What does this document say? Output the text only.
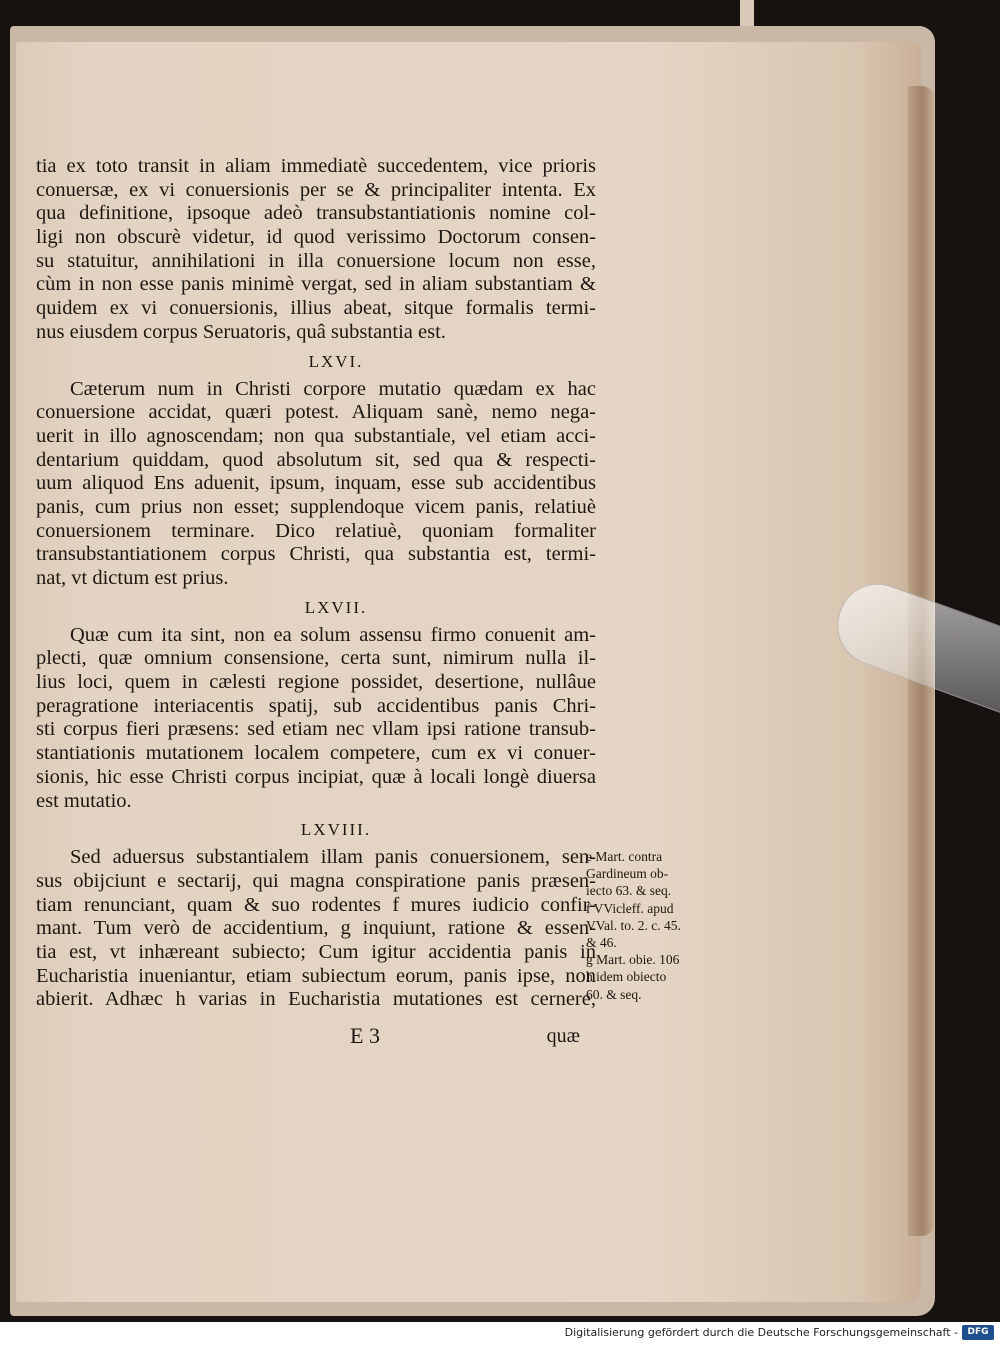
tia ex toto transit in aliam immediatè succedentem, vice prioris
conuersæ, ex vi conuersionis per se & principaliter intenta. Ex
qua definitione, ipsoque adeò transubstantiationis nomine col-
ligi non obscurè videtur, id quod verissimo Doctorum consen-
su statuitur, annihilationi in illa conuersione locum non esse,
cùm in non esse panis minimè vergat, sed in aliam substantiam &
quidem ex vi conuersionis, illius abeat, sitque formalis termi-
nus eiusdem corpus Seruatoris, quâ substantia est.
LXVI.
Cæterum num in Christi corpore mutatio quædam ex hac
conuersione accidat, quæri potest. Aliquam sanè, nemo nega-
uerit in illo agnoscendam; non qua substantiale, vel etiam acci-
dentarium quiddam, quod absolutum sit, sed qua & respecti-
uum aliquod Ens aduenit, ipsum, inquam, esse sub accidentibus
panis, cum prius non esset; supplendoque vicem panis, relatiuè
conuersionem terminare. Dico relatiuè, quoniam formaliter
transubstantiationem corpus Christi, qua substantia est, termi-
nat, vt dictum est prius.
LXVII.
Quæ cum ita sint, non ea solum assensu firmo conuenit am-
plecti, quæ omnium consensione, certa sunt, nimirum nulla il-
lius loci, quem in cælesti regione possidet, desertione, nullâue
peragratione interiacentis spatij, sub accidentibus panis Chri-
sti corpus fieri præsens: sed etiam nec vllam ipsi ratione transub-
stantiationis mutationem localem competere, cum ex vi conuer-
sionis, hic esse Christi corpus incipiat, quæ à locali longè diuersa
est mutatio.
LXVIII.
Sed aduersus substantialem illam panis conuersionem, sen-
sus obijciunt e sectarij, qui magna conspiratione panis præsen-
tiam renunciant, quam & suo rodentes f mures iudicio confir-
mant. Tum verò de accidentium, g inquiunt, ratione & essen-
tia est, vt inhæreant subiecto; Cum igitur accidentia panis in
Eucharistia inueniantur, etiam subiectum eorum, panis ipse, non
abierit. Adhæc h varias in Eucharistia mutationes est cernere,
e Mart. contra
Gardineum ob-
iecto 63. & seq.
f VVicleff. apud
VVal. to. 2. c. 45.
& 46.
g Mart. obie. 106
h idem obiecto
60. & seq.
E 3	quæ
Digitalisierung gefördert durch die Deutsche Forschungsgemeinschaft -	DFG
